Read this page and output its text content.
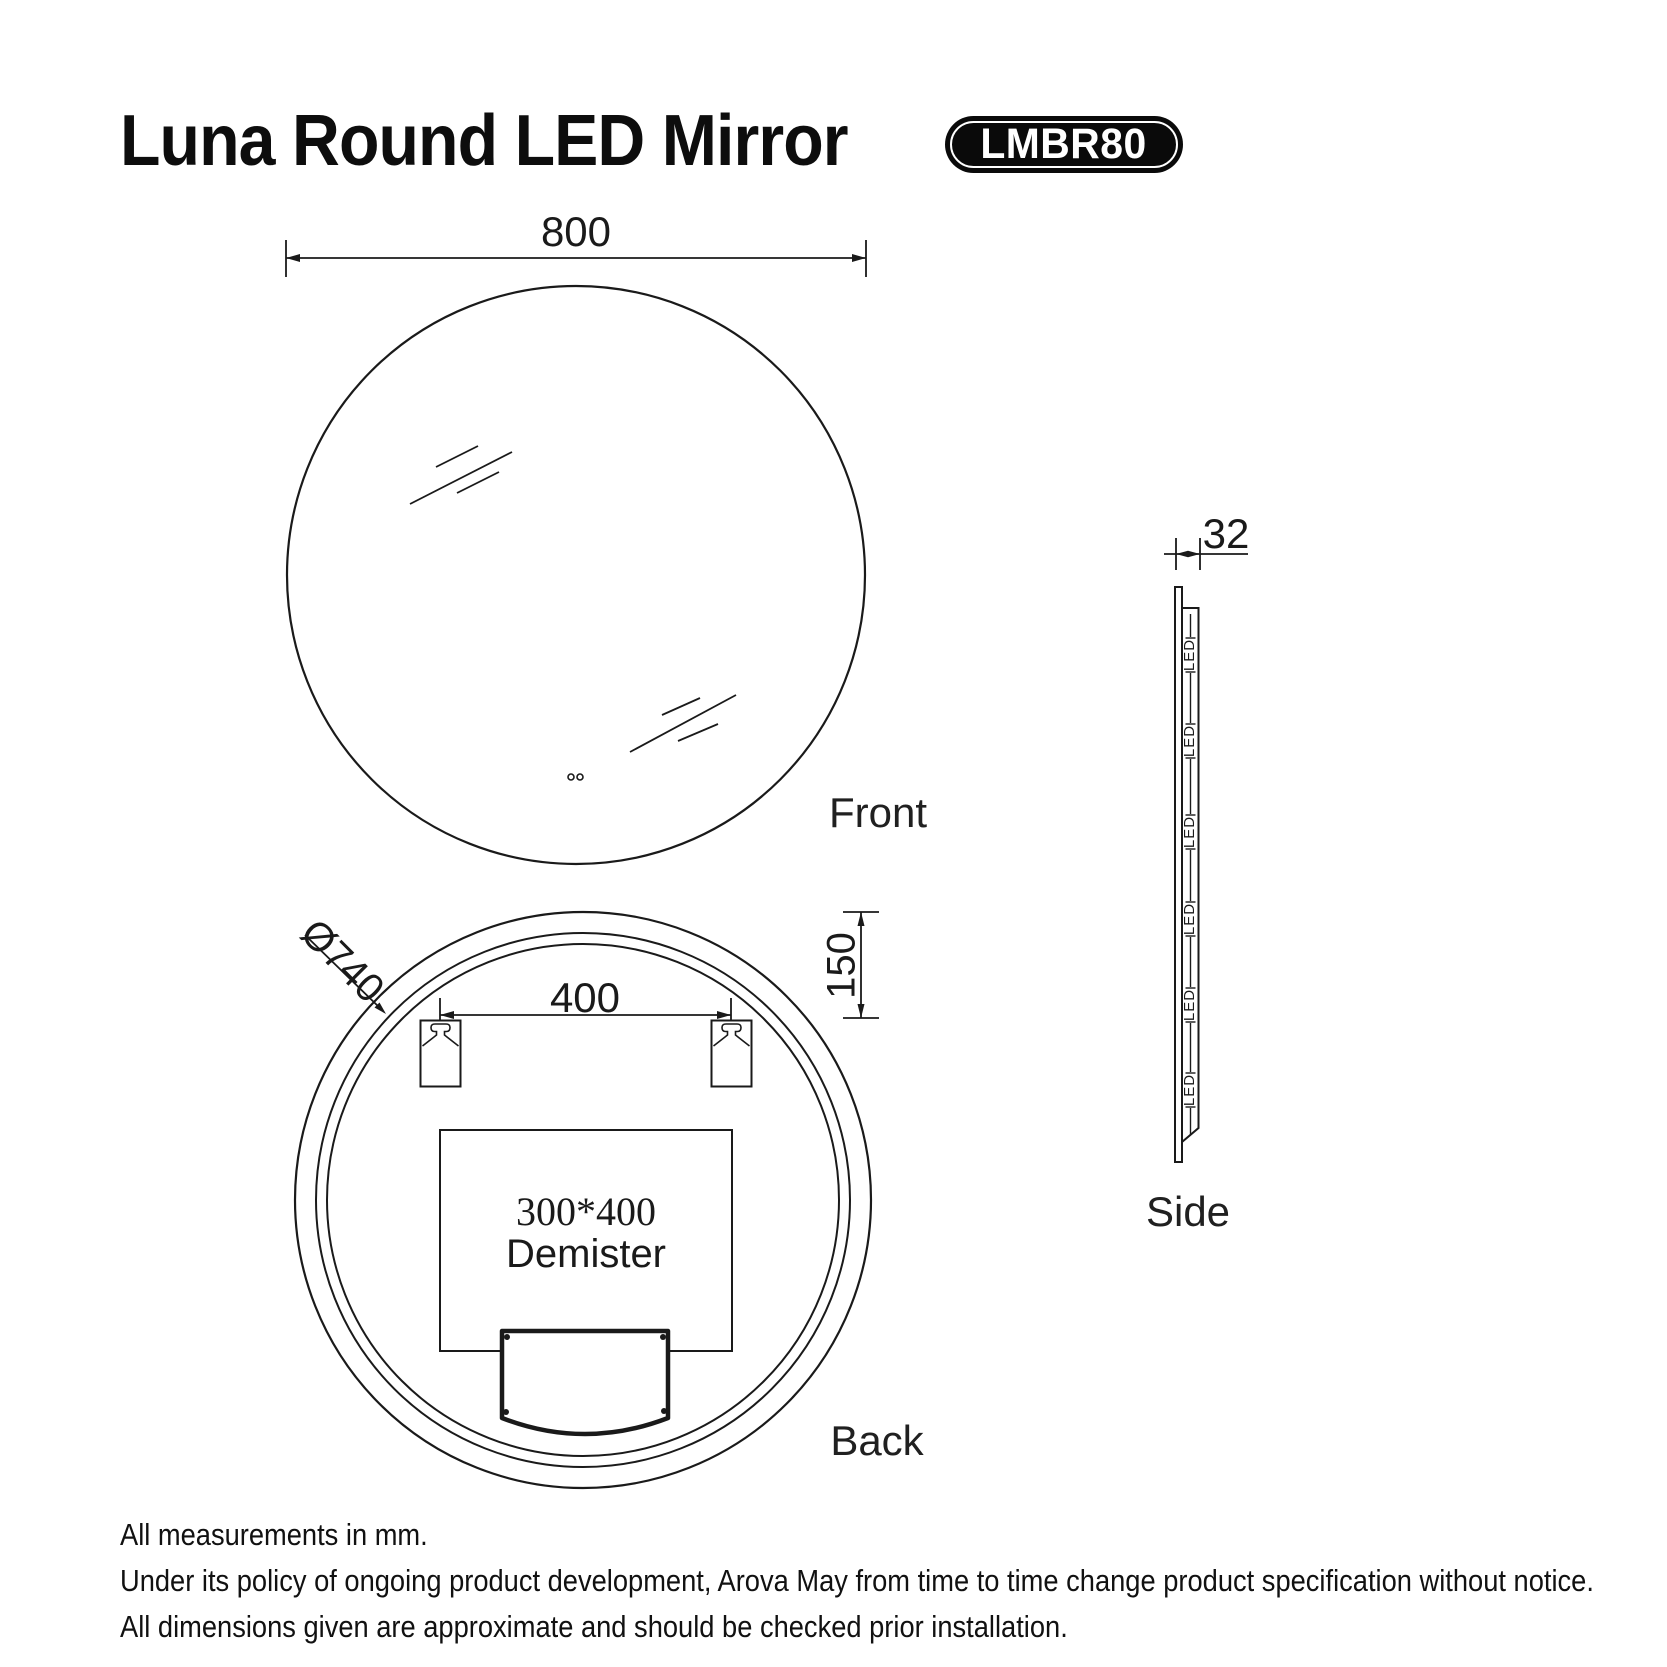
Luna Round LED Mirror	LMBR80
800
Front
32
Side
LED
LED
LED
LED
LED
LED
Ø740	400	150
300*400
Demister
Back
All measurements in mm.
Under its policy of ongoing product development, Arova May from time to time change product specification without notice.
All dimensions given are approximate and should be checked prior installation.
